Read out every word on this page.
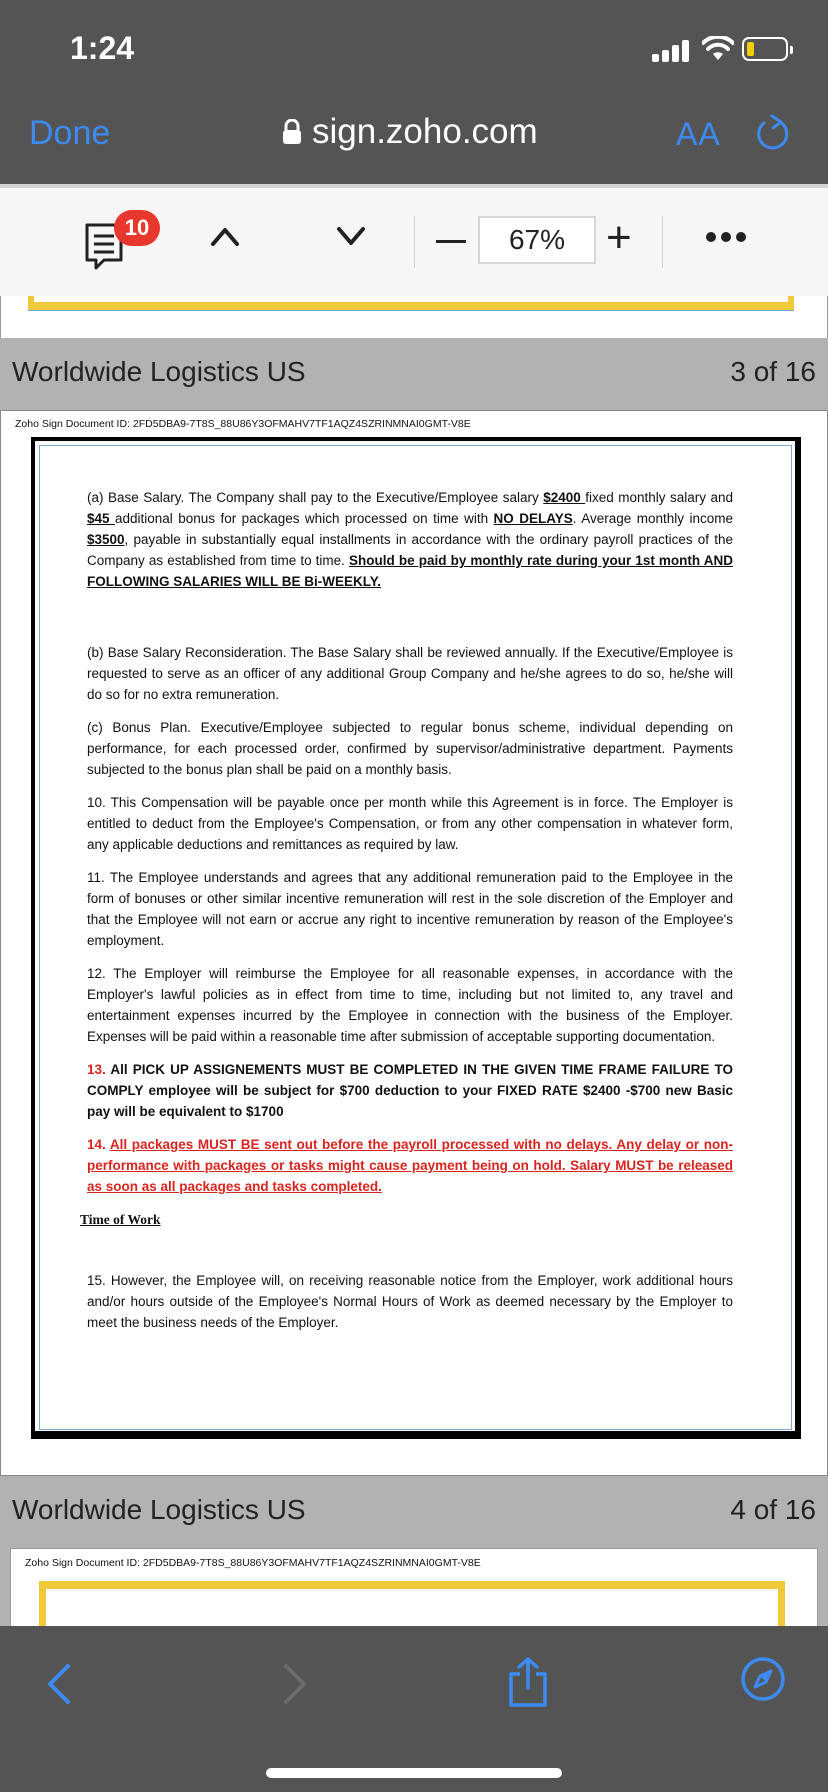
1:24
Done	sign.zoho.com	AA
10	67% +
Worldwide Logistics US	3 of 16
Zoho Sign Document ID: 2FD5DBA9-7T8S_88U86Y3OFMAHV7TF1AQZ4SZRINMNAI0GMT-V8E

(a) Base Salary. The Company shall pay to the Executive/Employee salary $2400 fixed monthly salary and $45 additional bonus for packages which processed on time with NO DELAYS. Average monthly income $3500, payable in substantially equal installments in accordance with the ordinary payroll practices of the Company as established from time to time. Should be paid by monthly rate during your 1st month AND FOLLOWING SALARIES WILL BE Bi-WEEKLY.

(b) Base Salary Reconsideration. The Base Salary shall be reviewed annually. If the Executive/Employee is requested to serve as an officer of any additional Group Company and he/she agrees to do so, he/she will do so for no extra remuneration.

(c) Bonus Plan. Executive/Employee subjected to regular bonus scheme, individual depending on performance, for each processed order, confirmed by supervisor/administrative department. Payments subjected to the bonus plan shall be paid on a monthly basis.

10. This Compensation will be payable once per month while this Agreement is in force. The Employer is entitled to deduct from the Employee's Compensation, or from any other compensation in whatever form, any applicable deductions and remittances as required by law.

11. The Employee understands and agrees that any additional remuneration paid to the Employee in the form of bonuses or other similar incentive remuneration will rest in the sole discretion of the Employer and that the Employee will not earn or accrue any right to incentive remuneration by reason of the Employee's employment.

12. The Employer will reimburse the Employee for all reasonable expenses, in accordance with the Employer's lawful policies as in effect from time to time, including but not limited to, any travel and entertainment expenses incurred by the Employee in connection with the business of the Employer. Expenses will be paid within a reasonable time after submission of acceptable supporting documentation.

13. All PICK UP ASSIGNEMENTS MUST BE COMPLETED IN THE GIVEN TIME FRAME FAILURE TO COMPLY employee will be subject for $700 deduction to your FIXED RATE $2400 -$700 new Basic pay will be equivalent to $1700

14. All packages MUST BE sent out before the payroll processed with no delays. Any delay or non-performance with packages or tasks might cause payment being on hold. Salary MUST be released as soon as all packages and tasks completed.

Time of Work

15. However, the Employee will, on receiving reasonable notice from the Employer, work additional hours and/or hours outside of the Employee's Normal Hours of Work as deemed necessary by the Employer to meet the business needs of the Employer.

Worldwide Logistics US	4 of 16
Zoho Sign Document ID: 2FD5DBA9-7T8S_88U86Y3OFMAHV7TF1AQZ4SZRINMNAI0GMT-V8E
